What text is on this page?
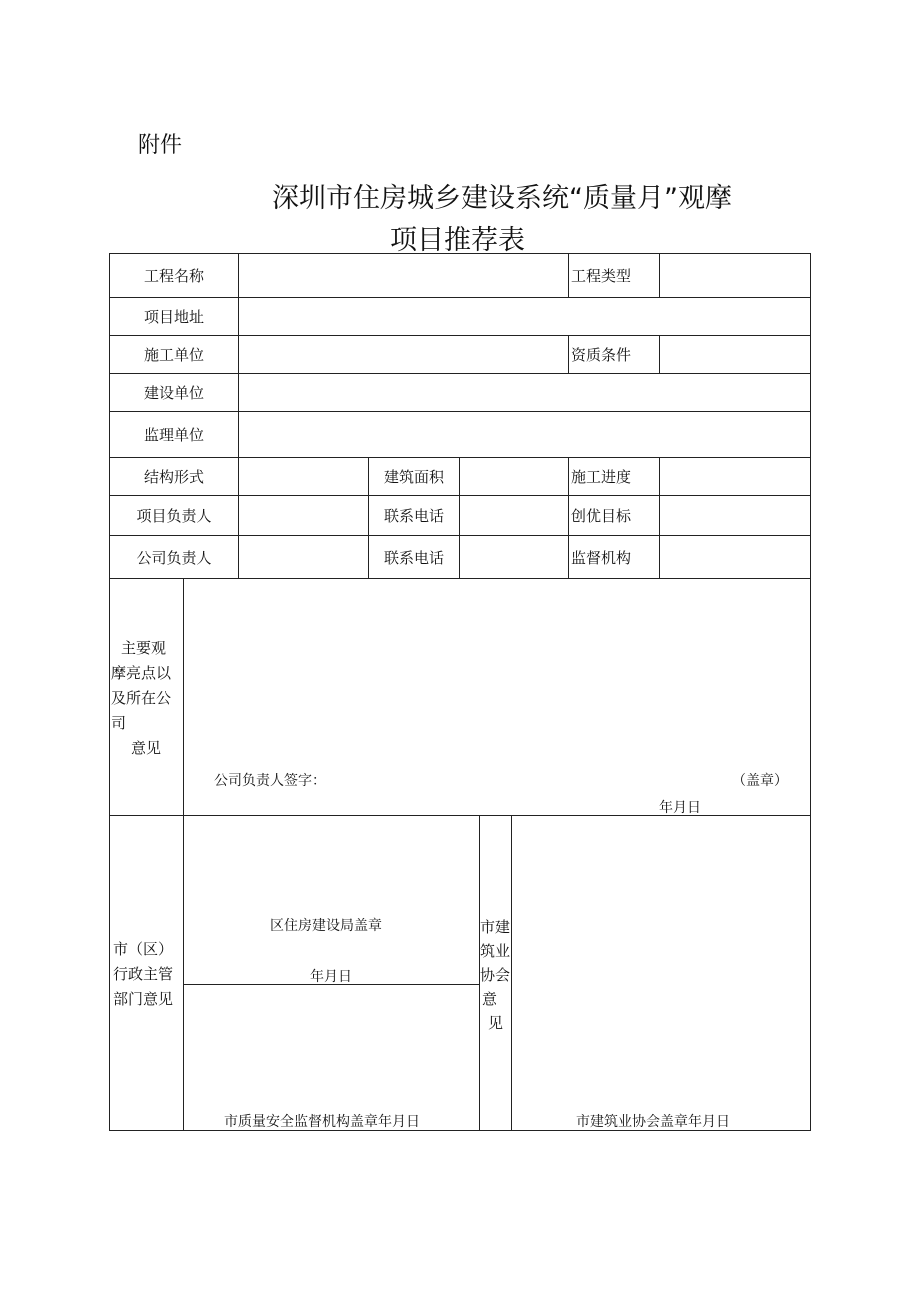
附件
深圳市住房城乡建设系统“质量月”观摩
项目推荐表
工程名称	工程类型
项目地址
施工单位	资质条件
建设单位
监理单位
结构形式	建筑面积	施工进度
项目负责人	联系电话	创优目标
公司负责人	联系电话	监督机构
主要观
摩亮点以
及所在公
司
意见
公司负责人签字：	（盖章）
年月日
市（区）
行政主管
部门意见
区住房建设局盖章
年月日
市质量安全监督机构盖章年月日
市建
筑业
协会
意
见
市建筑业协会盖章年月日
